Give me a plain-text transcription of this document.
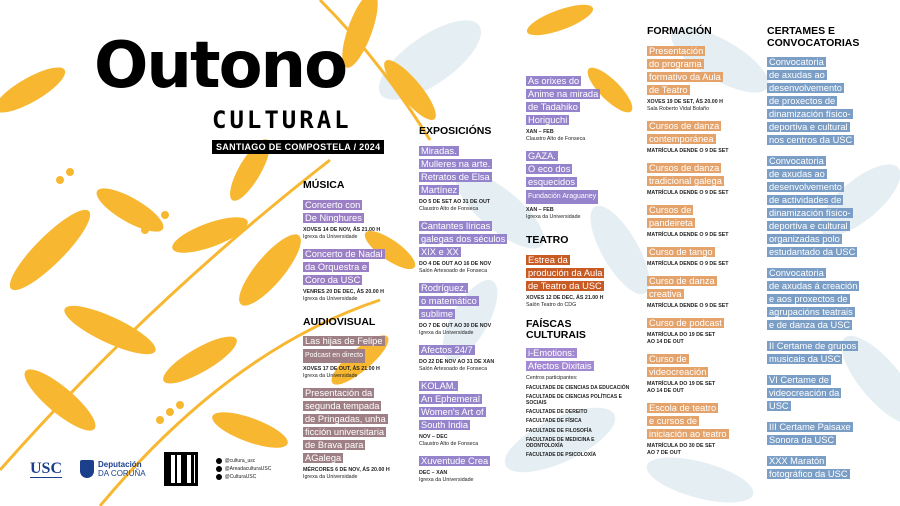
Outono
CULTURAL
SANTIAGO DE COMPOSTELA / 2024
MÚSICA
Concerto con
De Ninghures
XOVES 14 DE NOV, ÁS 21.00 H
Igrexa da Universidade
Concerto de Nadal
da Orquestra e
Coro da USC
VENRES 20 DE DEC, ÁS 20.00 H
Igrexa da Universidade
AUDIOVISUAL
Las hijas de Felipe
Podcast en directo
XOVES 17 DE OUT, ÁS 21.00 H
Igrexa da Universidade
Presentación da
segunda tempada
de Pringadas, unha
ficción universitaria
de Brava para
AGalega
MÉRCORES 6 DE NOV, ÁS 20.00 H
Igrexa da Universidade
EXPOSICIÓNS
Miradas.
Mulleres na arte.
Retratos de Elsa
Martínez
DO 5 DE SET AO 31 DE OUT
Claustro Alto de Fonseca
Cantantes líricas
galegas dos séculos
XIX e XX
DO 4 DE OUT AO 16 DE NOV
Salón Artesoado de Fonseca
Rodríguez,
o matemático
sublime
DO 7 DE OUT AO 30 DE NOV
Igrexa da Universidade
Afectos 24/7
DO 22 DE NOV AO 31 DE XAN
Salón Artesoado de Fonseca
KOLAM.
An Ephemeral
Women's Art of
South India
NOV – DEC
Claustro Alto de Fonseca
Xuventude Crea
DEC – XAN
Igrexa da Universidade
As orixes do
Anime na mirada
de Tadahiko
Horiguchi
XAN – FEB
Claustro Alto de Fonseca
GAZA.
O eco dos
esquecidos
Fundación Araguaney
XAN – FEB
Igrexa da Universidade
TEATRO
Estrea da
produción da Aula
de Teatro da USC
XOVES 12 DE DEC, ÁS 21.00 H
Salón Teatro do CDG
FAÍSCAS
CULTURAIS
i-Emotions:
Afectos Dixitais
Centros participantes:
FACULTADE DE CIENCIAS DA EDUCACIÓN
FACULTADE DE CIENCIAS POLÍTICAS E SOCIAIS
FACULTADE DE DEREITO
FACULTADE DE FÍSICA
FACULTADE DE FILOSOFÍA
FACULTADE DE MEDICINA E ODONTOLOXÍA
FACULTADE DE PSICOLOXÍA
FORMACIÓN
Presentación
do programa
formativo da Aula
de Teatro
XOVES 19 DE SET, ÁS 20.00 H
Sala Roberto Vidal Bolaño
Cursos de danza
contemporánea
MATRÍCULA DENDE O 9 DE SET
Cursos de danza
tradicional galega
MATRÍCULA DENDE O 9 DE SET
Cursos de
pandeireta
MATRÍCULA DENDE O 9 DE SET
Curso de tango
MATRÍCULA DENDE O 9 DE SET
Curso de danza
creativa
MATRÍCULA DENDE O 9 DE SET
Curso de podcast
MATRÍCULA DO 19 DE SET
AO 14 DE OUT
Curso de
videocreación
MATRÍCULA DO 19 DE SET
AO 14 DE OUT
Escola de teatro
e cursos de
iniciación ao teatro
MATRÍCULA DO 30 DE SET
AO 7 DE OUT
CERTAMES E
CONVOCATORIAS
Convocatoria
de axudas ao
desenvolvemento
de proxectos de
dinamización físico-
deportiva e cultural
nos centros da USC
Convocatoria
de axudas ao
desenvolvemento
de actividades de
dinamización físico-
deportiva e cultural
organizadas polo
estudantado da USC
Convocatoria
de axudas á creación
e aos proxectos de
agrupacións teatrais
e de danza da USC
II Certame de grupos
musicais da USC
VI Certame de
videocreación da
USC
III Certame Paisaxe
Sonora da USC
XXX Maratón
fotográfico da USC
USC	Deputación
DA CORUÑA
@cultura_usc
@AreadaculturaUSC
@CulturaUSC
